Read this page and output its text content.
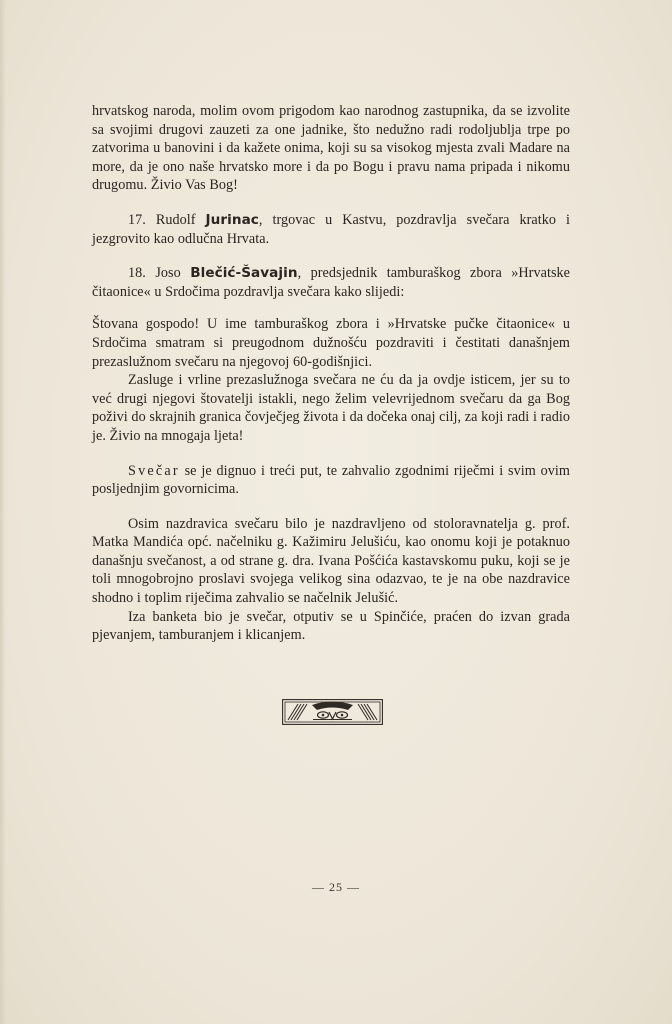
hrvatskog naroda, molim ovom prigodom kao narodnog zastupnika, da se izvolite sa svojimi drugovi zauzeti za one jadnike, što nedužno radi rodoljublja trpe po zatvorima u banovini i da kažete onima, koji su sa visokog mjesta zvali Madare na more, da je ono naše hrvatsko more i da po Bogu i pravu nama pripada i nikomu drugomu. Živio Vas Bog!

17. Rudolf Jurinac, trgovac u Kastvu, pozdravlja svečara kratko i jezgrovito kao odlučna Hrvata.

18. Joso Blečić-Šavajin, predsjednik tamburaškog zbora »Hrvatske čitaonice« u Srdočima pozdravlja svečara kako slijedi:

Štovana gospodo! U ime tamburaškog zbora i »Hrvatske pučke čitaonice« u Srdočima smatram si preugodnom dužnošću pozdraviti i čestitati današnjem prezaslužnom svečaru na njegovoj 60-godišnjici.

Zasluge i vrline prezaslužnoga svečara ne ću da ja ovdje isticem, jer su to već drugi njegovi štovatelji istakli, nego želim velevrijednom svečaru da ga Bog poživi do skrajnih granica čovječjeg života i da dočeka onaj cilj, za koji radi i radio je. Živio na mnogaja ljeta!

Svečar se je dignuo i treći put, te zahvalio zgodnimi riječmi i svim ovim posljednjim govornicima.

Osim nazdravica svečaru bilo je nazdravljeno od stoloravnatelja g. prof. Matka Mandića opć. načelniku g. Kažimiru Jelušiću, kao onomu koji je potaknuo današnju svečanost, a od strane g. dra. Ivana Pošćića kastavskomu puku, koji se je toli mnogobrojno proslavi svojega velikog sina odazvao, te je na obe nazdravice shodno i toplim riječima zahvalio se načelnik Jelušić.

Iza banketa bio je svečar, otputiv se u Spinčiće, praćen do izvan grada pjevanjem, tamburanjem i klicanjem.

— 25 —
